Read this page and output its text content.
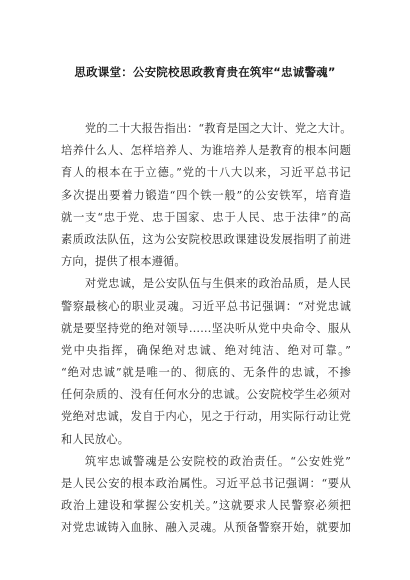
思政课堂：公安院校思政教育贵在筑牢“忠诚警魂”
党的二十大报告指出：“教育是国之大计、党之大计。
培养什么人、怎样培养人、为谁培养人是教育的根本问题
育人的根本在于立德。”党的十八大以来，习近平总书记
多次提出要着力锻造“四个铁一般”的公安铁军，培育造
就一支“忠于党、忠于国家、忠于人民、忠于法律”的高
素质政法队伍，这为公安院校思政课建设发展指明了前进
方向，提供了根本遵循。
对党忠诚，是公安队伍与生俱来的政治品质，是人民
警察最核心的职业灵魂。习近平总书记强调：“对党忠诚
就是要坚持党的绝对领导……坚决听从党中央命令、服从
党中央指挥，确保绝对忠诚、绝对纯洁、绝对可靠。”
“绝对忠诚”就是唯一的、彻底的、无条件的忠诚，不掺
任何杂质的、没有任何水分的忠诚。公安院校学生必须对
党绝对忠诚，发自于内心，见之于行动，用实际行动让党
和人民放心。
筑牢忠诚警魂是公安院校的政治责任。“公安姓党”
是人民公安的根本政治属性。习近平总书记强调：“要从
政治上建设和掌握公安机关。”这就要求人民警察必须把
对党忠诚铸入血脉、融入灵魂。从预备警察开始，就要加
